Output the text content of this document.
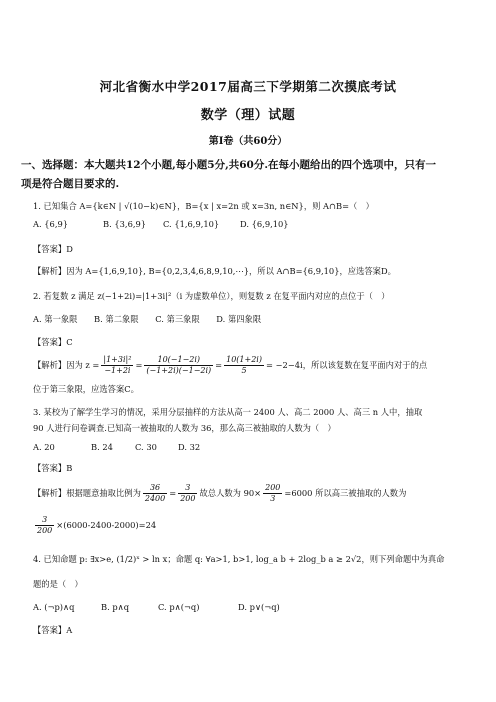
河北省衡水中学2017届高三下学期第二次摸底考试
数学（理）试题
第Ⅰ卷（共60分）
一、选择题：本大题共12个小题,每小题5分,共60分.在每小题给出的四个选项中，只有一
项是符合题目要求的.
1. 已知集合 A={k∈N | √(10−k)∈N}，B={x | x=2n 或 x=3n, n∈N}，则 A∩B=（　）
A. {6,9}	B. {3,6,9} C. {1,6,9,10}	D. {6,9,10}
【答案】D
【解析】因为 A={1,6,9,10}, B={0,2,3,4,6,8,9,10,⋯}，所以 A∩B={6,9,10}，应选答案D。
2. 若复数 z 满足 z(−1+2i)=|1+3i|²（i 为虚数单位），则复数 z 在复平面内对应的点位于（　）
A. 第一象限　　B. 第二象限　　C. 第三象限　　D. 第四象限
【答案】C
【解析】因为 $z = \frac{\text{|1+3i|²}}{-1+2i} = \frac{10(-1-2i)}{(-1+2i)(-1-2i)} = \frac{10(1+2i)}{5} = -2-4i$，所以该复数在复平面内对于的点
位于第三象限，应选答案C。
3. 某校为了解学生学习的情况，采用分层抽样的方法从高一 2400 人、高二 2000 人、高三 n 人中，抽取
90 人进行问卷调查.已知高一被抽取的人数为 36，那么高三被抽取的人数为（　）
A. 20	B. 24	C. 30	D. 32
【答案】B
【解析】根据题意抽取比例为 $\frac{36}{2400} = \frac{3}{200}$ 故总人数为 $90\times \frac{200}{3} =6000$ 所以高三被抽取的人数为
$\frac{3}{200} \times(6000-2400-2000)=24$
4. 已知命题 p: ∃x>e, (1/2)ˣ > ln x；命题 q: ∀a>1, b>1, log_a b + 2log_b a ≥ 2√2，则下列命题中为真命
题的是（　）
A. (¬p)∧q	B. p∧q	C. p∧(¬q)	D. p∨(¬q)
【答案】A
